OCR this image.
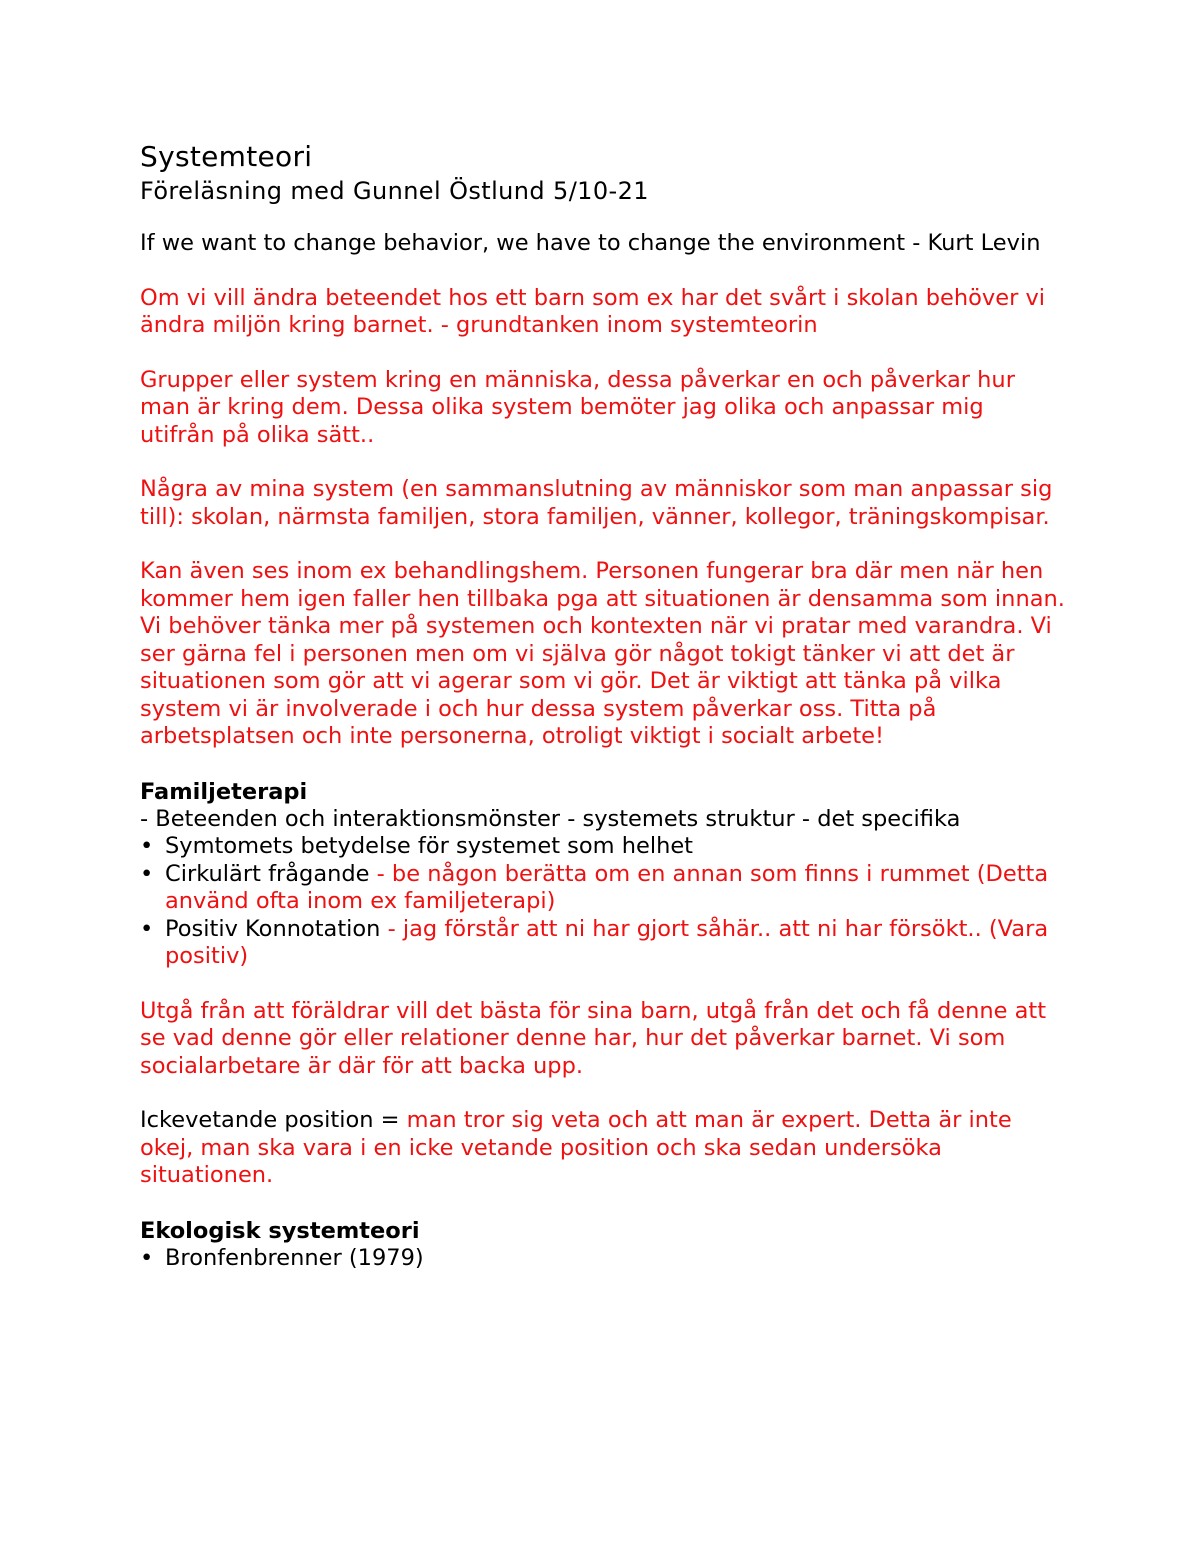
Systemteori
Föreläsning med Gunnel Östlund 5/10-21

If we want to change behavior, we have to change the environment - Kurt Levin

Om vi vill ändra beteendet hos ett barn som ex har det svårt i skolan behöver vi ändra miljön kring barnet. - grundtanken inom systemteorin

Grupper eller system kring en människa, dessa påverkar en och påverkar hur man är kring dem. Dessa olika system bemöter jag olika och anpassar mig utifrån på olika sätt..

Några av mina system (en sammanslutning av människor som man anpassar sig till): skolan, närmsta familjen, stora familjen, vänner, kollegor, träningskompisar.

Kan även ses inom ex behandlingshem. Personen fungerar bra där men när hen kommer hem igen faller hen tillbaka pga att situationen är densamma som innan. Vi behöver tänka mer på systemen och kontexten när vi pratar med varandra. Vi ser gärna fel i personen men om vi själva gör något tokigt tänker vi att det är situationen som gör att vi agerar som vi gör. Det är viktigt att tänka på vilka system vi är involverade i och hur dessa system påverkar oss. Titta på arbetsplatsen och inte personerna, otroligt viktigt i socialt arbete!

Familjeterapi
- Beteenden och interaktionsmönster - systemets struktur - det specifika
• Symtomets betydelse för systemet som helhet
• Cirkulärt frågande - be någon berätta om en annan som finns i rummet (Detta använd ofta inom ex familjeterapi)
• Positiv Konnotation - jag förstår att ni har gjort såhär.. att ni har försökt.. (Vara positiv)

Utgå från att föräldrar vill det bästa för sina barn, utgå från det och få denne att se vad denne gör eller relationer denne har, hur det påverkar barnet. Vi som socialarbetare är där för att backa upp.

Ickevetande position = man tror sig veta och att man är expert. Detta är inte okej, man ska vara i en icke vetande position och ska sedan undersöka situationen.

Ekologisk systemteori
• Bronfenbrenner (1979)
